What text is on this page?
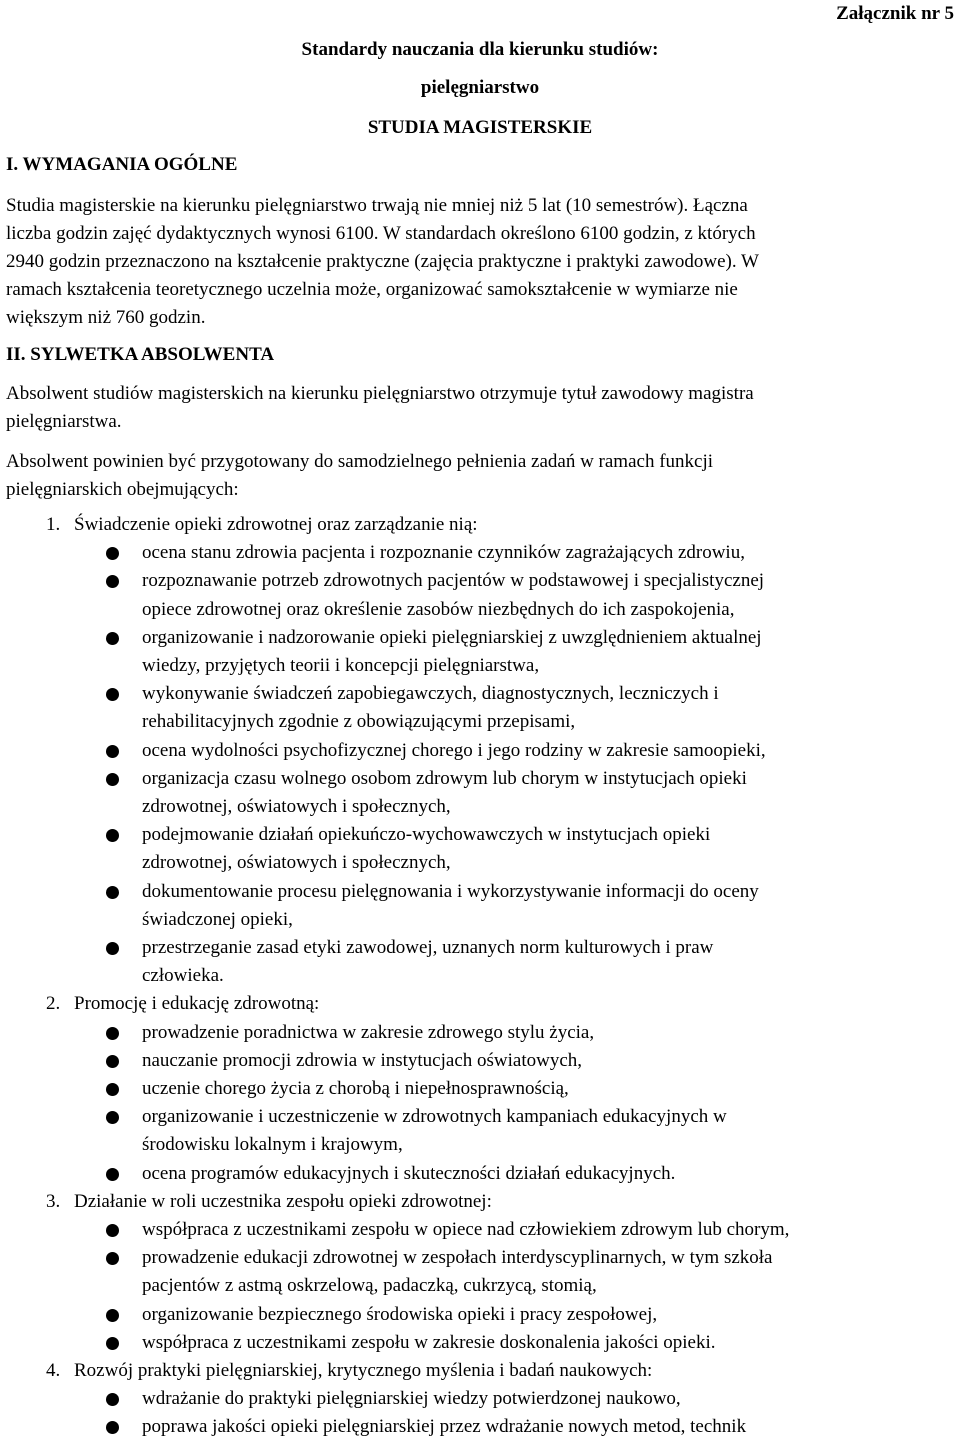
Załącznik nr 5
Standardy nauczania dla kierunku studiów:
pielęgniarstwo
STUDIA MAGISTERSKIE
I. WYMAGANIA OGÓLNE
Studia magisterskie na kierunku pielęgniarstwo trwają nie mniej niż 5 lat (10 semestrów). Łączna
liczba godzin zajęć dydaktycznych wynosi 6100. W standardach określono 6100 godzin, z których
2940 godzin przeznaczono na kształcenie praktyczne (zajęcia praktyczne i praktyki zawodowe). W
ramach kształcenia teoretycznego uczelnia może, organizować samokształcenie w wymiarze nie
większym niż 760 godzin.
II. SYLWETKA ABSOLWENTA
Absolwent studiów magisterskich na kierunku pielęgniarstwo otrzymuje tytuł zawodowy magistra
pielęgniarstwa.
Absolwent powinien być przygotowany do samodzielnego pełnienia zadań w ramach funkcji
pielęgniarskich obejmujących:
1. Świadczenie opieki zdrowotnej oraz zarządzanie nią:
ocena stanu zdrowia pacjenta i rozpoznanie czynników zagrażających zdrowiu,
rozpoznawanie potrzeb zdrowotnych pacjentów w podstawowej i specjalistycznej
opiece zdrowotnej oraz określenie zasobów niezbędnych do ich zaspokojenia,
organizowanie i nadzorowanie opieki pielęgniarskiej z uwzględnieniem aktualnej
wiedzy, przyjętych teorii i koncepcji pielęgniarstwa,
wykonywanie świadczeń zapobiegawczych, diagnostycznych, leczniczych i
rehabilitacyjnych zgodnie z obowiązującymi przepisami,
ocena wydolności psychofizycznej chorego i jego rodziny w zakresie samoopieki,
organizacja czasu wolnego osobom zdrowym lub chorym w instytucjach opieki
zdrowotnej, oświatowych i społecznych,
podejmowanie działań opiekuńczo-wychowawczych w instytucjach opieki
zdrowotnej, oświatowych i społecznych,
dokumentowanie procesu pielęgnowania i wykorzystywanie informacji do oceny
świadczonej opieki,
przestrzeganie zasad etyki zawodowej, uznanych norm kulturowych i praw
człowieka.
2. Promocję i edukację zdrowotną:
prowadzenie poradnictwa w zakresie zdrowego stylu życia,
nauczanie promocji zdrowia w instytucjach oświatowych,
uczenie chorego życia z chorobą i niepełnosprawnością,
organizowanie i uczestniczenie w zdrowotnych kampaniach edukacyjnych w
środowisku lokalnym i krajowym,
ocena programów edukacyjnych i skuteczności działań edukacyjnych.
3. Działanie w roli uczestnika zespołu opieki zdrowotnej:
współpraca z uczestnikami zespołu w opiece nad człowiekiem zdrowym lub chorym,
prowadzenie edukacji zdrowotnej w zespołach interdyscyplinarnych, w tym szkoła
pacjentów z astmą oskrzelową, padaczką, cukrzycą, stomią,
organizowanie bezpiecznego środowiska opieki i pracy zespołowej,
współpraca z uczestnikami zespołu w zakresie doskonalenia jakości opieki.
4. Rozwój praktyki pielęgniarskiej, krytycznego myślenia i badań naukowych:
wdrażanie do praktyki pielęgniarskiej wiedzy potwierdzonej naukowo,
poprawa jakości opieki pielęgniarskiej przez wdrażanie nowych metod, technik
